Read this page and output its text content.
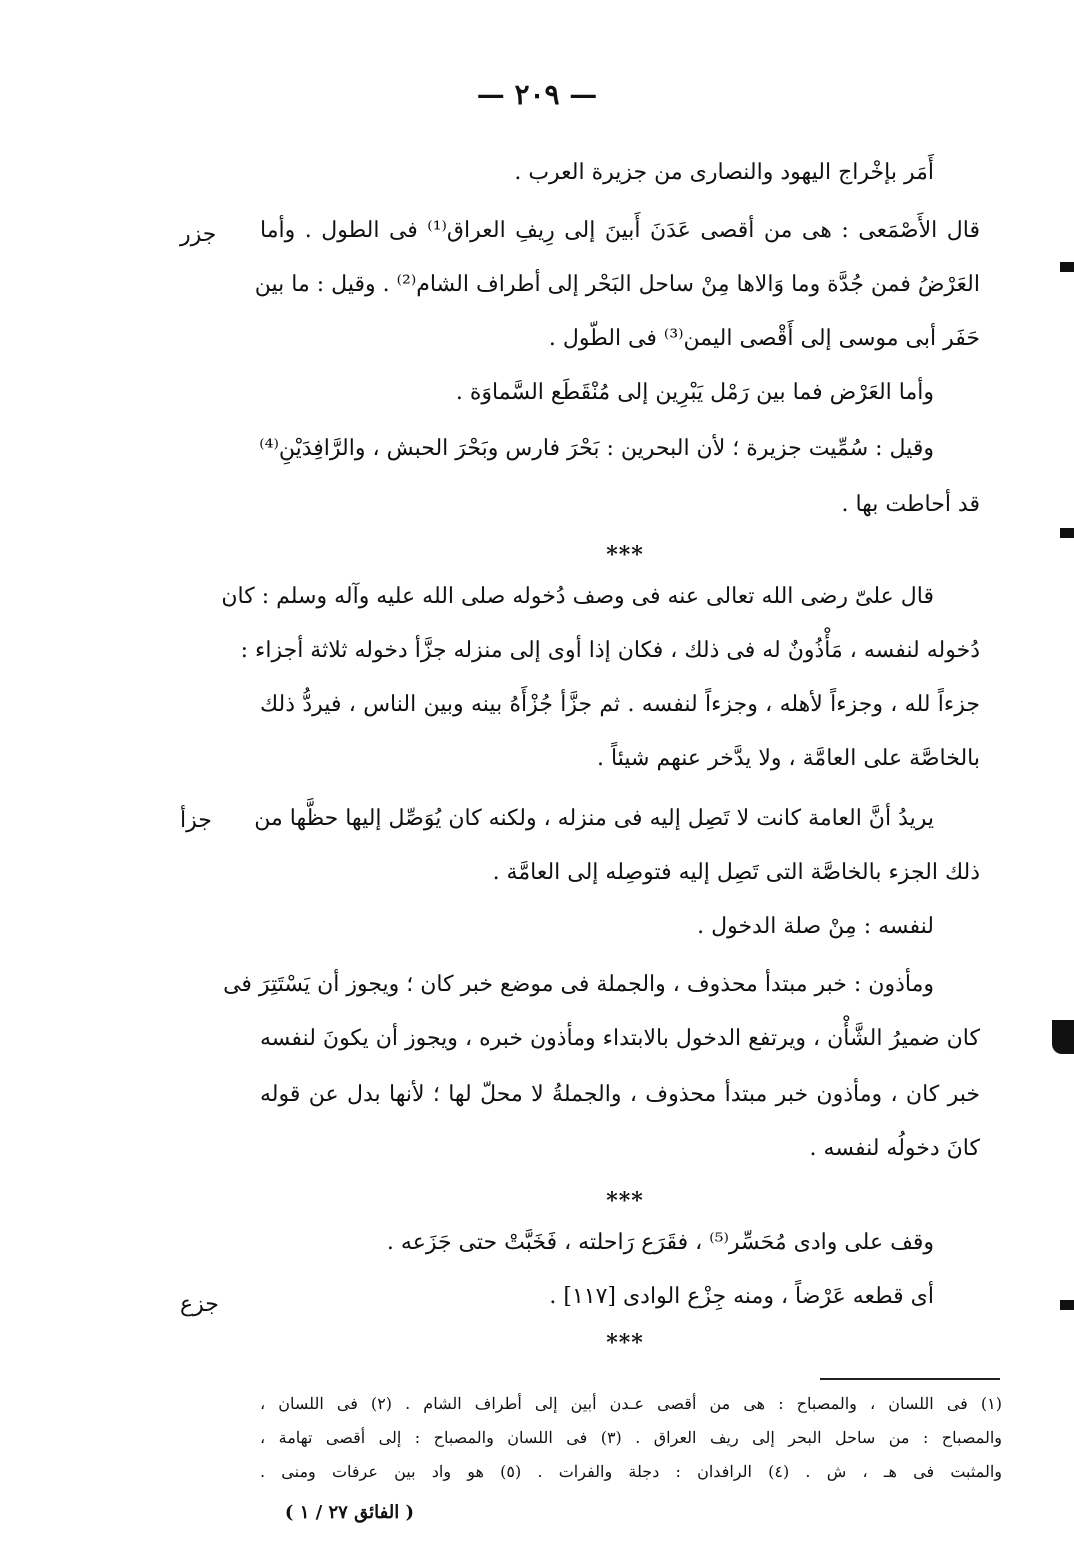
— ٢٠٩ —
أَمَر بإخْراج اليهود والنصارى من جزيرة العرب .
قال الأَصْمَعى : هى من أقصى عَدَنَ أَبينَ إلى رِيفِ العراق⁽¹⁾ فى الطول . وأما
جزر
العَرْضُ فمن جُدَّة وما وَالاها مِنْ ساحل البَحْر إلى أطراف الشام⁽²⁾ . وقيل : ما بين
حَفَر أبى موسى إلى أَقْصى اليمن⁽³⁾ فى الطّول .
وأما العَرْض فما بين رَمْل يَبْرِين إلى مُنْقَطَع السَّماوَة .
وقيل : سُمِّيت جزيرة ؛ لأن البحرين : بَحْرَ فارس وبَحْرَ الحبش ، والرَّافِدَيْنِ⁽⁴⁾
قد أحاطت بها .
***
قال علىّ رضى الله تعالى عنه فى وصف دُخوله صلى الله عليه وآله وسلم : كان
دُخوله لنفسه ، مَأْذُونٌ له فى ذلك ، فكان إذا أوى إلى منزله جزَّأ دخوله ثلاثة أجزاء :
جزءاً لله ، وجزءاً لأهله ، وجزءاً لنفسه . ثم جزَّأ جُزْأَهُ بينه وبين الناس ، فيردُّ ذلك
بالخاصَّة على العامَّة ، ولا يدَّخر عنهم شيئاً .
يريدُ أنَّ العامة كانت لا تَصِل إليه فى منزله ، ولكنه كان يُوَصِّل إليها حظَّها من
جزأ
ذلك الجزء بالخاصَّة التى تَصِل إليه فتوصِله إلى العامَّة .
لنفسه : مِنْ صلة الدخول .
ومأذون : خبر مبتدأ محذوف ، والجملة فى موضع خبر كان ؛ ويجوز أن يَسْتَتِرَ فى
كان ضميرُ الشَّأْن ، ويرتفع الدخول بالابتداء ومأذون خبره ، ويجوز أن يكونَ لنفسه
خبر كان ، ومأذون خبر مبتدأ محذوف ، والجملةُ لا محلّ لها ؛ لأنها بدل عن قوله
كانَ دخولُه لنفسه .
***
وقف على وادى مُحَسِّر⁽⁵⁾ ، فقَرَع رَاحلته ، فَخَبَّتْ حتى جَزَعه .
أى قطعه عَرْضاً ، ومنه جِزْع الوادى [١١٧] .
جزع
***
(١) فى اللسان ، والمصباح : هى من أقصى عـدن أبين إلى أطراف الشام . (٢) فى اللسان ،
والمصباح : من ساحل البحر إلى ريف العراق . (٣) فى اللسان والمصباح : إلى أقصى تهامة ،
والمثبت فى هـ ، ش . (٤) الرافدان : دجلة والفرات . (٥) هو واد بين عرفات ومنى .
( الفائق ٢٧ / ١ )
